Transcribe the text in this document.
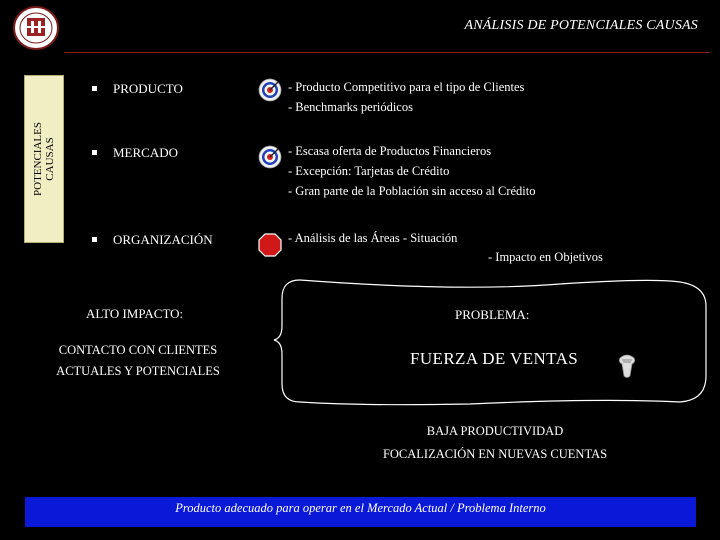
ANÁLISIS DE POTENCIALES CAUSAS
POTENCIALES CAUSAS
PRODUCTO	- Producto Competitivo para el tipo de Clientes
- Benchmarks periódicos
MERCADO	- Escasa oferta de Productos Financieros
- Excepción: Tarjetas de Crédito
- Gran parte de la Población sin acceso al Crédito
ORGANIZACIÓN	- Análisis de las Áreas - Situación
- Impacto en Objetivos
ALTO IMPACTO:
CONTACTO CON CLIENTES
ACTUALES Y POTENCIALES
PROBLEMA:
FUERZA DE VENTAS
BAJA PRODUCTIVIDAD
FOCALIZACIÓN EN NUEVAS CUENTAS
Producto adecuado para operar en el Mercado Actual / Problema Interno
